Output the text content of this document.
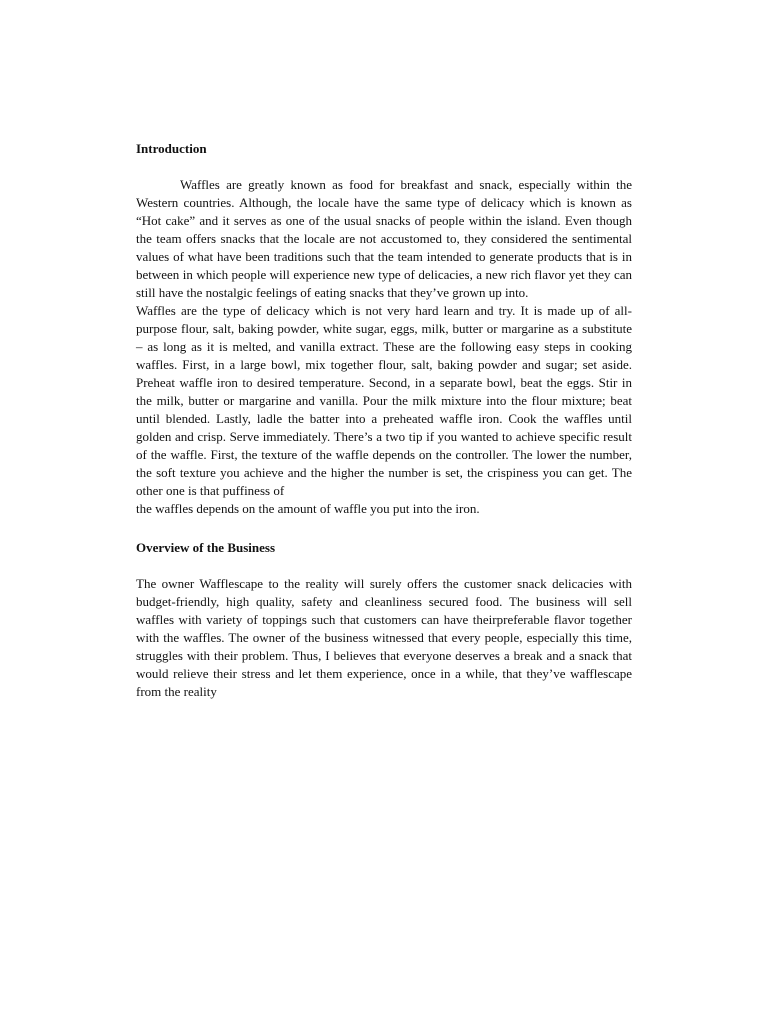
Introduction

Waffles are greatly known as food for breakfast and snack, especially within the Western countries. Although, the locale have the same type of delicacy which is known as “Hot cake” and it serves as one of the usual snacks of people within the island. Even though the team offers snacks that the locale are not accustomed to, they considered the sentimental values of what have been traditions such that the team intended to generate products that is in between in which people will experience new type of delicacies, a new rich flavor yet they can still have the nostalgic feelings of eating snacks that they’ve grown up into.

Waffles are the type of delicacy which is not very hard learn and try. It is made up of all-purpose flour, salt, baking powder, white sugar, eggs, milk, butter or margarine as a substitute – as long as it is melted, and vanilla extract. These are the following easy steps in cooking waffles. First, in a large bowl, mix together flour, salt, baking powder and sugar; set aside. Preheat waffle iron to desired temperature. Second, in a separate bowl, beat the eggs. Stir in the milk, butter or margarine and vanilla. Pour the milk mixture into the flour mixture; beat until blended. Lastly, ladle the batter into a preheated waffle iron. Cook the waffles until golden and crisp. Serve immediately. There’s a two tip if you wanted to achieve specific result of the waffle. First, the texture of the waffle depends on the controller. The lower the number, the soft texture you achieve and the higher the number is set, the crispiness you can get. The other one is that puffiness of

the waffles depends on the amount of waffle you put into the iron.

Overview of the Business

The owner Wafflescape to the reality will surely offers the customer snack delicacies with budget-friendly, high quality, safety and cleanliness secured food. The business will sell waffles with variety of toppings such that customers can have theirpreferable flavor together with the waffles. The owner of the business witnessed that every people, especially this time, struggles with their problem. Thus, I believes that everyone deserves a break and a snack that would relieve their stress and let them experience, once in a while, that they’ve wafflescape from the reality
